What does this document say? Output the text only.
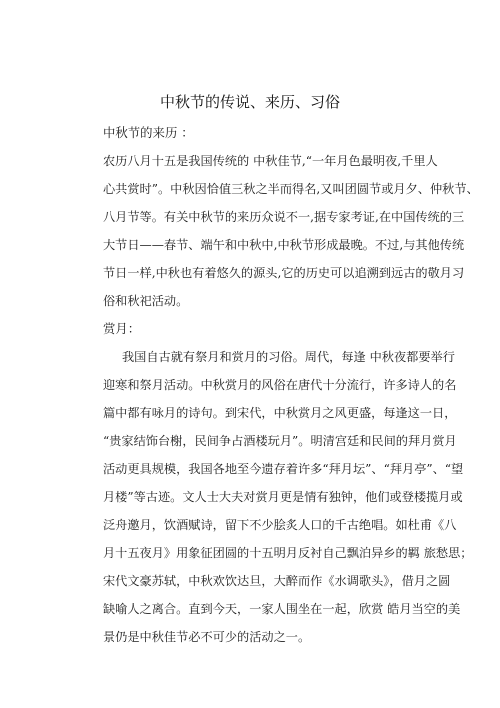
中秋节的传说、来历、习俗
中秋节的来历 ：
农历八月十五是我国传统的 中秋佳节,“一年月色最明夜,千里人
心共赏时”。中秋因恰值三秋之半而得名,又叫团圆节或月夕、仲秋节、
八月节等。有关中秋节的来历众说不一,据专家考证,在中国传统的三
大节日——春节、端午和中秋中,中秋节形成最晚。不过,与其他传统
节日一样,中秋也有着悠久的源头,它的历史可以追溯到远古的敬月习
俗和秋祀活动。
赏月：
我国自古就有祭月和赏月的习俗。周代，每逢 中秋夜都要举行
迎寒和祭月活动。中秋赏月的风俗在唐代十分流行，许多诗人的名
篇中都有咏月的诗句。到宋代，中秋赏月之风更盛，每逢这一日，
“贵家结饰台榭，民间争占酒楼玩月”。明清宫廷和民间的拜月赏月
活动更具规模，我国各地至今遗存着许多“拜月坛”、“拜月亭”、“望
月楼”等古迹。文人士大夫对赏月更是情有独钟，他们或登楼揽月或
泛舟邀月，饮酒赋诗，留下不少脍炙人口的千古绝唱。如杜甫《八
月十五夜月》用象征团圆的十五明月反衬自己飘泊异乡的羁 旅愁思；
宋代文豪苏轼，中秋欢饮达旦，大醉而作《水调歌头》，借月之圆
缺喻人之离合。直到今天，一家人围坐在一起，欣赏 皓月当空的美
景仍是中秋佳节必不可少的活动之一。
